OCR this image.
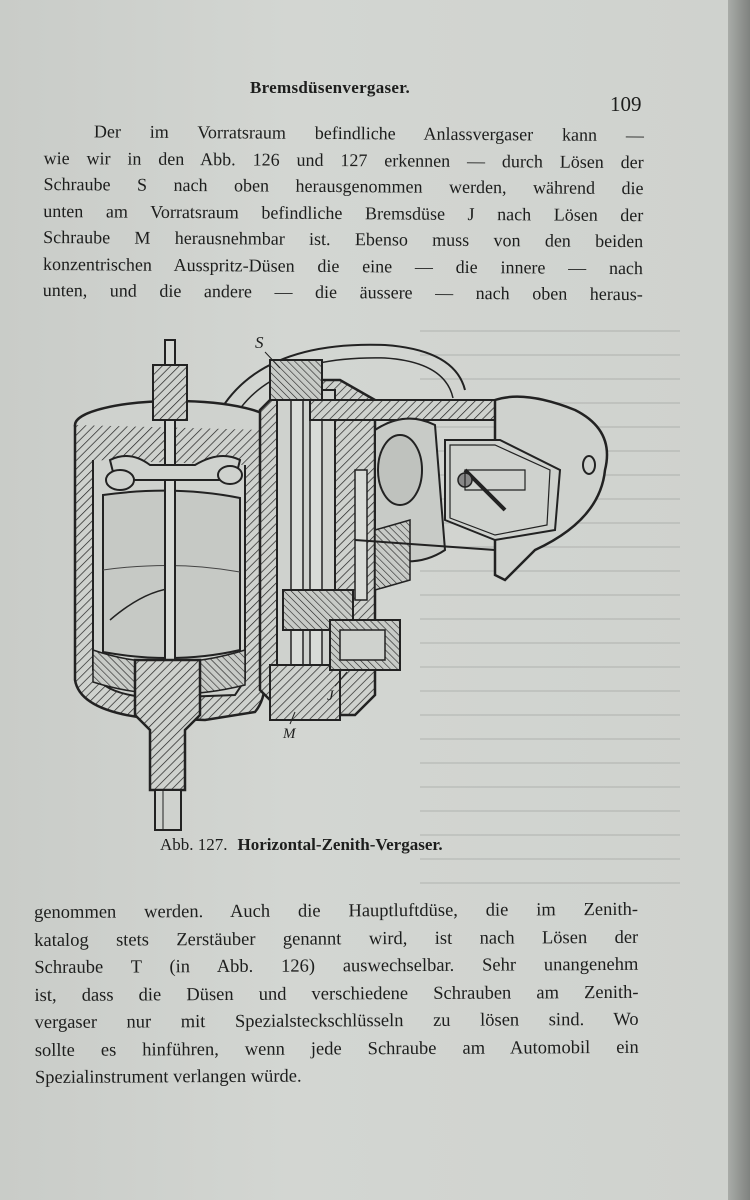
Bremsdüsenvergaser.
109
Der im Vorratsraum befindliche Anlassvergaser kann —
wie wir in den Abb. 126 und 127 erkennen — durch Lösen der
Schraube S nach oben herausgenommen werden, während die
unten am Vorratsraum befindliche Bremsdüse J nach Lösen der
Schraube M herausnehmbar ist. Ebenso muss von den beiden
konzentrischen Ausspritz-Düsen die eine — die innere — nach
unten, und die andere — die äussere — nach oben heraus-
S
M
J
Abb. 127. Horizontal-Zenith-Vergaser.
genommen werden. Auch die Hauptluftdüse, die im Zenith-
katalog stets Zerstäuber genannt wird, ist nach Lösen der
Schraube T (in Abb. 126) auswechselbar. Sehr unangenehm
ist, dass die Düsen und verschiedene Schrauben am Zenith-
vergaser nur mit Spezialsteckschlüsseln zu lösen sind. Wo
sollte es hinführen, wenn jede Schraube am Automobil ein
Spezialinstrument verlangen würde.
